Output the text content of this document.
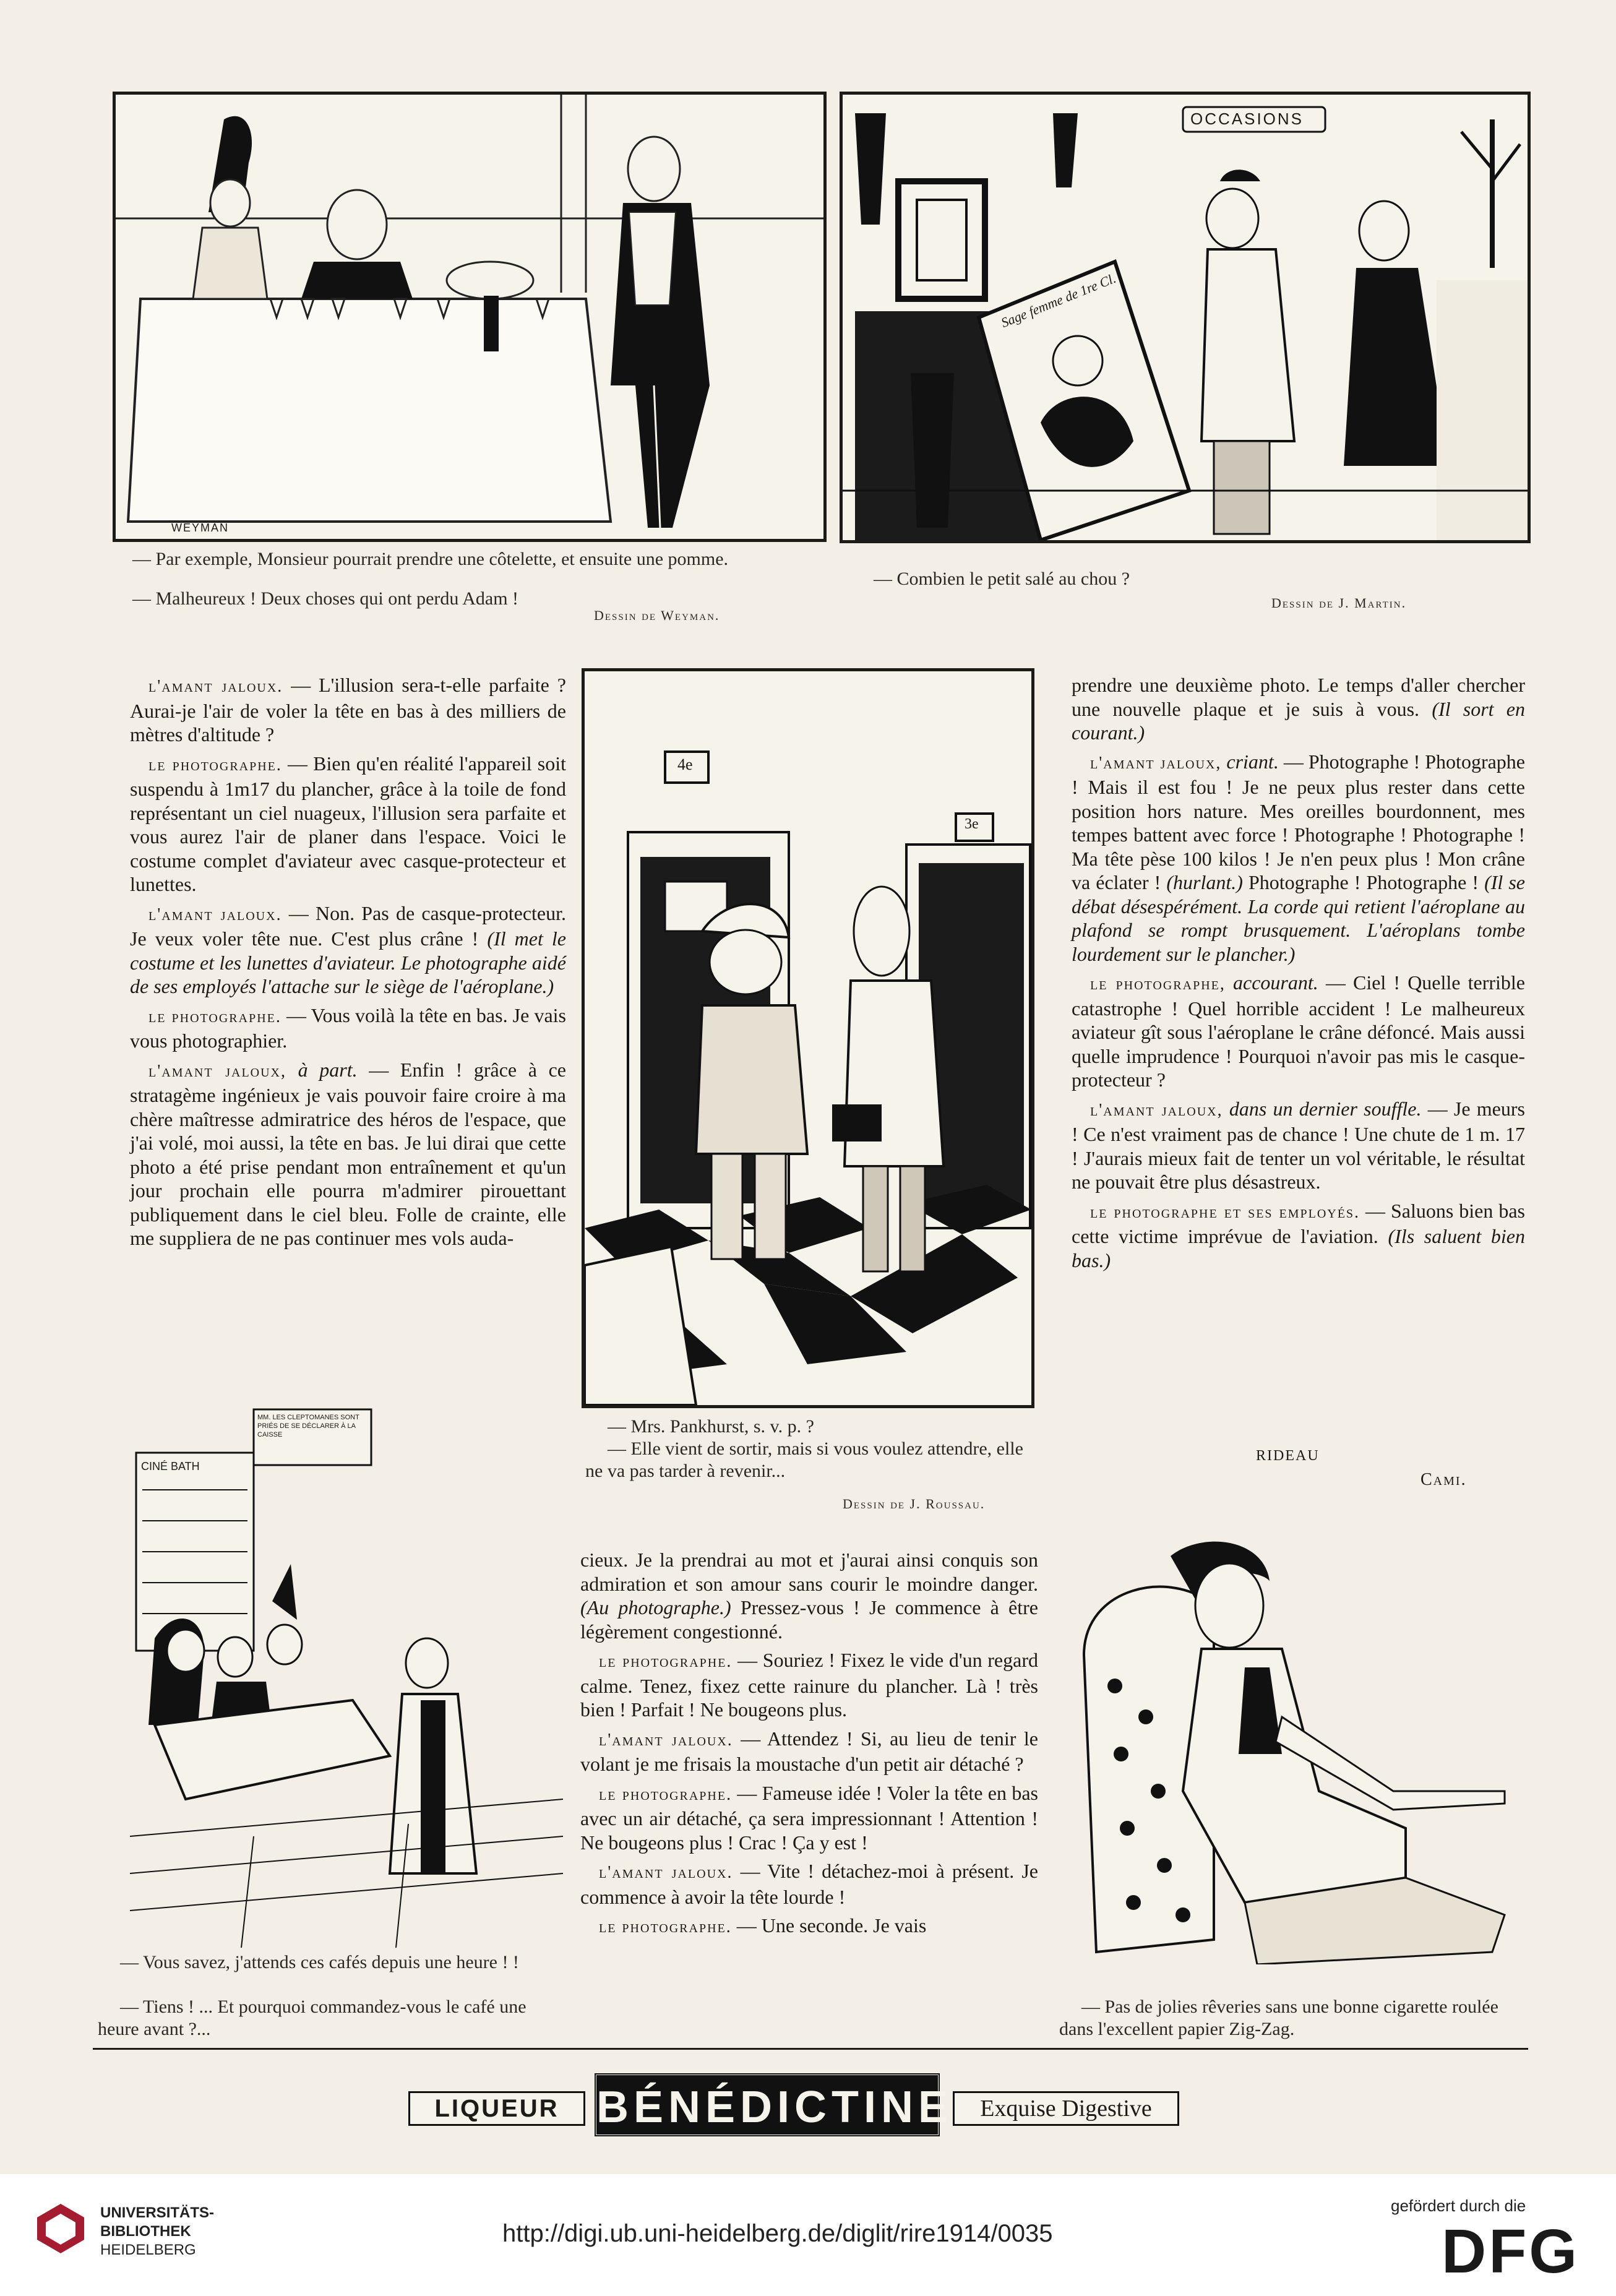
WEYMAN
— Par exemple, Monsieur pourrait prendre une côtelette, et ensuite une pomme.
— Malheureux ! Deux choses qui ont perdu Adam !
Dessin de Weyman.
OCCASIONS
Sage femme de 1re Cl.
— Combien le petit salé au chou ?
Dessin de J. Martin.

l'amant jaloux. — L'illusion sera-t-elle parfaite ? Aurai-je l'air de voler la tête en bas à des milliers de mètres d'altitude ?

le photographe. — Bien qu'en réalité l'appareil soit suspendu à 1m17 du plancher, grâce à la toile de fond représentant un ciel nuageux, l'illusion sera parfaite et vous aurez l'air de planer dans l'espace. Voici le costume complet d'aviateur avec casque-protecteur et lunettes.

l'amant jaloux. — Non. Pas de casque-protecteur. Je veux voler tête nue. C'est plus crâne ! (Il met le costume et les lunettes d'aviateur. Le photographe aidé de ses employés l'attache sur le siège de l'aéroplane.)

le photographe. — Vous voilà la tête en bas. Je vais vous photographier.

l'amant jaloux, à part. — Enfin ! grâce à ce stratagème ingénieux je vais pouvoir faire croire à ma chère maîtresse admiratrice des héros de l'espace, que j'ai volé, moi aussi, la tête en bas. Je lui dirai que cette photo a été prise pendant mon entraînement et qu'un jour prochain elle pourra m'admirer pirouettant publiquement dans le ciel bleu. Folle de crainte, elle me suppliera de ne pas continuer mes vols auda-

4e
3e
— Mrs. Pankhurst, s. v. p. ?
— Elle vient de sortir, mais si vous voulez attendre, elle ne va pas tarder à revenir...
Dessin de J. Roussau.

prendre une deuxième photo. Le temps d'aller chercher une nouvelle plaque et je suis à vous. (Il sort en courant.)

l'amant jaloux, criant. — Photographe ! Photographe ! Mais il est fou ! Je ne peux plus rester dans cette position hors nature. Mes oreilles bourdonnent, mes tempes battent avec force ! Photographe ! Photographe ! Ma tête pèse 100 kilos ! Je n'en peux plus ! Mon crâne va éclater ! (hurlant.) Photographe ! Photographe ! (Il se débat désespérément. La corde qui retient l'aéroplane au plafond se rompt brusquement. L'aéroplans tombe lourdement sur le plancher.)

le photographe, accourant. — Ciel ! Quelle terrible catastrophe ! Quel horrible accident ! Le malheureux aviateur gît sous l'aéroplane le crâne défoncé. Mais aussi quelle imprudence ! Pourquoi n'avoir pas mis le casque-protecteur ?

l'amant jaloux, dans un dernier souffle. — Je meurs ! Ce n'est vraiment pas de chance ! Une chute de 1 m. 17 ! J'aurais mieux fait de tenter un vol véritable, le résultat ne pouvait être plus désastreux.

le photographe et ses employés. — Saluons bien bas cette victime imprévue de l'aviation. (Ils saluent bien bas.)

RIDEAU
Cami.
MM. LES CLEPTOMANES SONT PRIÉS DE SE DÉCLARER À LA CAISSE
CINÉ BATH
— Vous savez, j'attends ces cafés depuis une heure ! !
— Tiens ! ... Et pourquoi commandez-vous le café une heure avant ?...

cieux. Je la prendrai au mot et j'aurai ainsi conquis son admiration et son amour sans courir le moindre danger. (Au photographe.) Pressez-vous ! Je commence à être légèrement congestionné.

le photographe. — Souriez ! Fixez le vide d'un regard calme. Tenez, fixez cette rainure du plancher. Là ! très bien ! Parfait ! Ne bougeons plus.

l'amant jaloux. — Attendez ! Si, au lieu de tenir le volant je me frisais la moustache d'un petit air détaché ?

le photographe. — Fameuse idée ! Voler la tête en bas avec un air détaché, ça sera impressionnant ! Attention ! Ne bougeons plus ! Crac ! Ça y est !

l'amant jaloux. — Vite ! détachez-moi à présent. Je commence à avoir la tête lourde !

le photographe. — Une seconde. Je vais

— Pas de jolies rêveries sans une bonne cigarette roulée dans l'excellent papier Zig-Zag.
LIQUEUR BÉNÉDICTINE	Exquise Digestive
UNIVERSITÄTS-
BIBLIOTHEK
HEIDELBERG
http://digi.ub.uni-heidelberg.de/diglit/rire1914/0035
gefördert durch die
DFG
